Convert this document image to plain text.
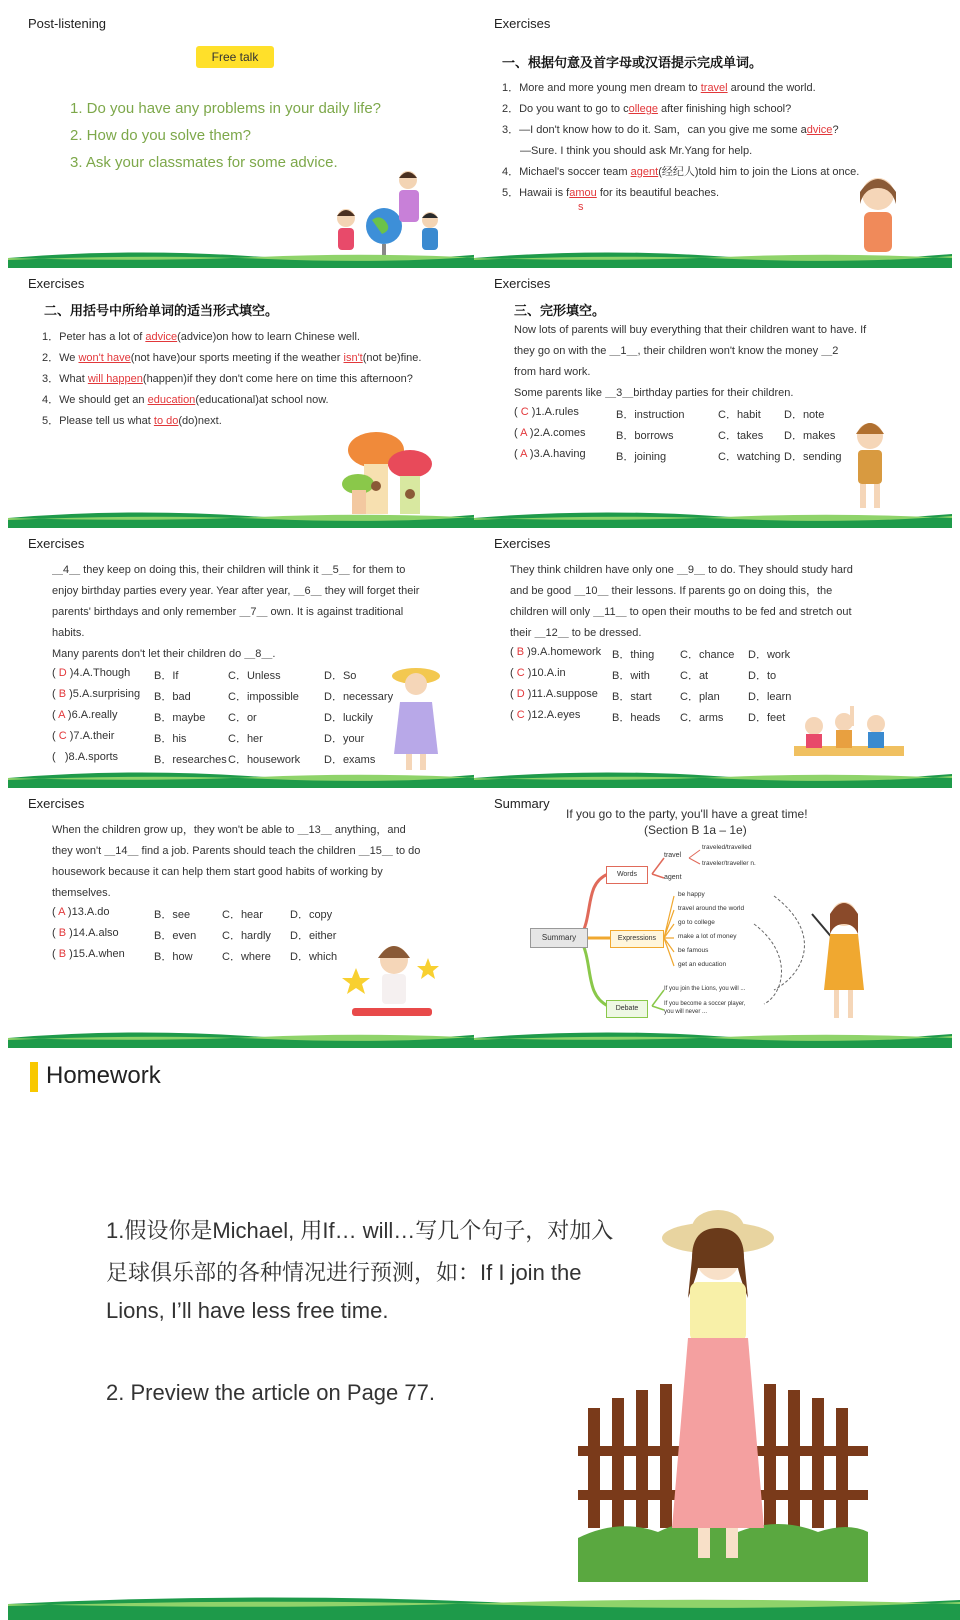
Post-listening
Free talk
1. Do you have any problems in your daily life?
2. How do you solve them?
3. Ask your classmates for some advice.
Exercises
一、根据句意及首字母或汉语提示完成单词。
1．More and more young men dream to travel around the world.
2．Do you want to go to college after finishing high school?
3．—I don't know how to do it. Sam，can you give me some advice?
—Sure. I think you should ask Mr.Yang for help.
4．Michael's soccer team agent(经纪人)told him to join the Lions at once.
5．Hawaii is famou for its beautiful beaches.
s
Exercises
二、用括号中所给单词的适当形式填空。
1．Peter has a lot of advice(advice)on how to learn Chinese well.
2．We won't have(not have)our sports meeting if the weather isn't(not be)fine.
3．What will happen(happen)if they don't come here on time this afternoon?
4．We should get an education(educational)at school now.
5．Please tell us what to do(do)next.
Exercises
三、完形填空。
Now lots of parents will buy everything that their children want to have. If
they go on with the ＿1＿, their children won't know the money ＿2
from hard work.
Some parents like ＿3＿birthday parties for their children.
( C )1.A.rules	B．instruction	C．habit D．note
( A )2.A.comes	B．borrows	C．takes D．makes
( A )3.A.having	B．joining	C．watching D．sending
Exercises
＿4＿ they keep on doing this, their children will think it ＿5＿ for them to
enjoy birthday parties every year. Year after year, ＿6＿ they will forget their
parents' birthdays and only remember ＿7＿ own. It is against traditional
habits.
Many parents don't let their children do ＿8＿.
( D )4.A.Though B．If	C．Unless	D．So
( B )5.A.surprising B．bad	C．impossible D．necessary
( A )6.A.really	B．maybe C．or	D．luckily
( C )7.A.their	B．his	C．her	D．your
(   )8.A.sports	B．researches C．housework D．exams
Exercises
They think children have only one ＿9＿ to do. They should study hard
and be good ＿10＿ their lessons. If parents go on doing this，the
children will only ＿11＿ to open their mouths to be fed and stretch out
their ＿12＿ to be dressed.
( B )9.A.homework B．thing C．chance D．work
( C )10.A.in	B．with	C．at	D．to
( D )11.A.suppose B．start	C．plan	D．learn
( C )12.A.eyes	B．heads C．arms D．feet
Exercises
When the children grow up，they won't be able to ＿13＿ anything，and
they won't ＿14＿ find a job. Parents should teach the children ＿15＿ to do
housework because it can help them start good habits of working by
themselves.
( A )13.A.do	B．see	C．hear D．copy
( B )14.A.also	B．even C．hardly D．either
( B )15.A.when	B．how	C．where D．which
Summary
If you go to the party, you'll have a great time!
(Section B 1a – 1e)
Summary
Words
Expressions
Debate
travel
agent
traveled/travelled
traveler/traveller n.
be happy
travel around the world
go to college
make a lot of money
be famous
get an education
If you join the Lions, you will ...
If you become a soccer player,
you will never ...
Homework
1.假设你是Michael, 用If… will…写几个句子，对加入
足球俱乐部的各种情况进行预测，如：If I join the
Lions, I’ll have less free time.
2. Preview the article on Page 77.
